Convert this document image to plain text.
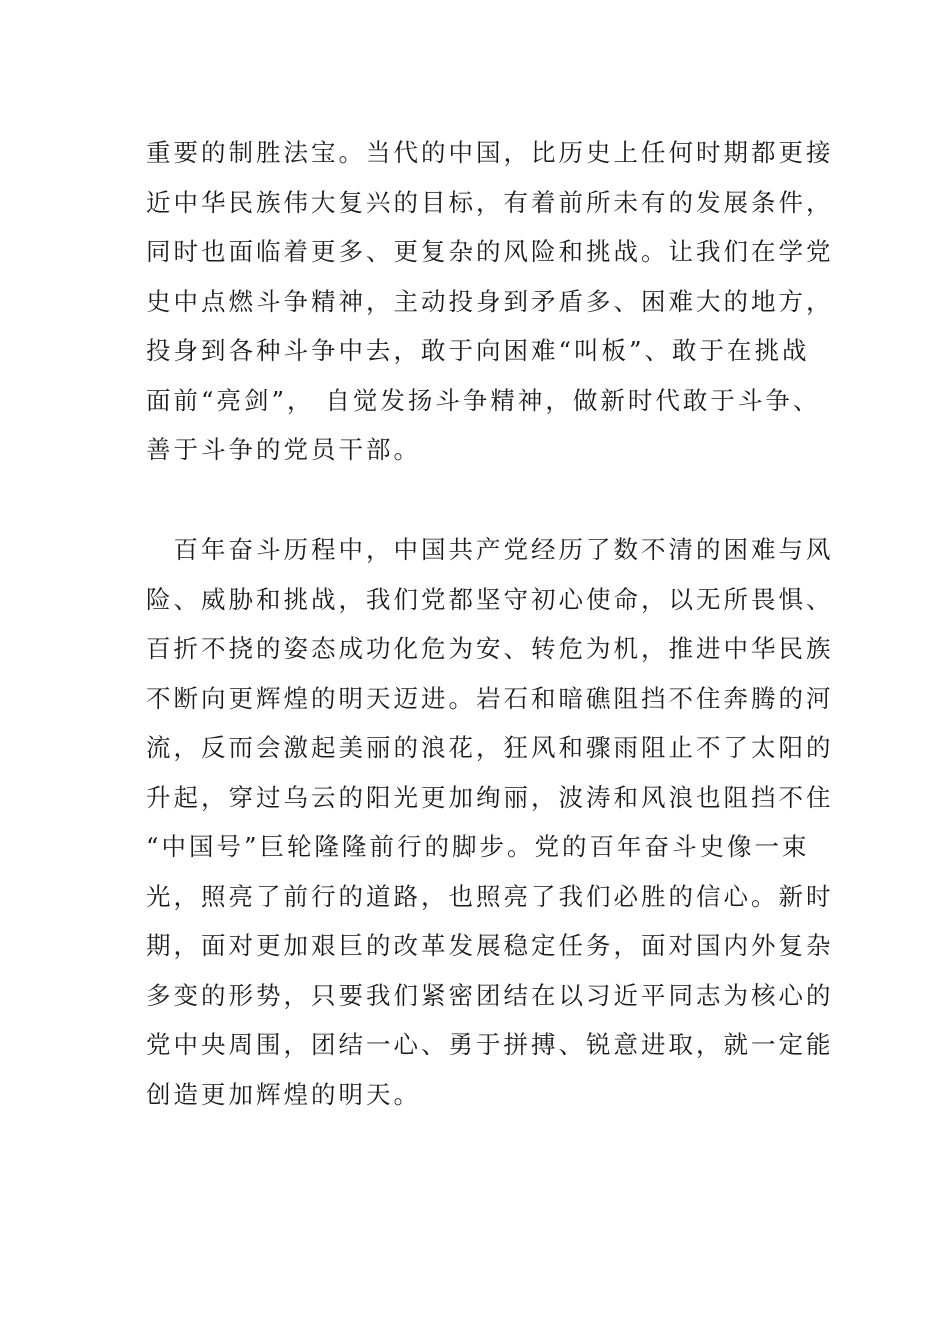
重要的制胜法宝。当代的中国，比历史上任何时期都更接
近中华民族伟大复兴的目标，有着前所未有的发展条件，
同时也面临着更多、更复杂的风险和挑战。让我们在学党
史中点燃斗争精神，主动投身到矛盾多、困难大的地方，
投身到各种斗争中去，敢于向困难“叫板”、敢于在挑战
面前“亮剑”， 自觉发扬斗争精神，做新时代敢于斗争、
善于斗争的党员干部。
　百年奋斗历程中，中国共产党经历了数不清的困难与风
险、威胁和挑战，我们党都坚守初心使命，以无所畏惧、
百折不挠的姿态成功化危为安、转危为机，推进中华民族
不断向更辉煌的明天迈进。岩石和暗礁阻挡不住奔腾的河
流，反而会激起美丽的浪花，狂风和骤雨阻止不了太阳的
升起，穿过乌云的阳光更加绚丽，波涛和风浪也阻挡不住
“中国号”巨轮隆隆前行的脚步。党的百年奋斗史像一束
光，照亮了前行的道路，也照亮了我们必胜的信心。新时
期，面对更加艰巨的改革发展稳定任务，面对国内外复杂
多变的形势，只要我们紧密团结在以习近平同志为核心的
党中央周围，团结一心、勇于拼搏、锐意进取，就一定能
创造更加辉煌的明天。
